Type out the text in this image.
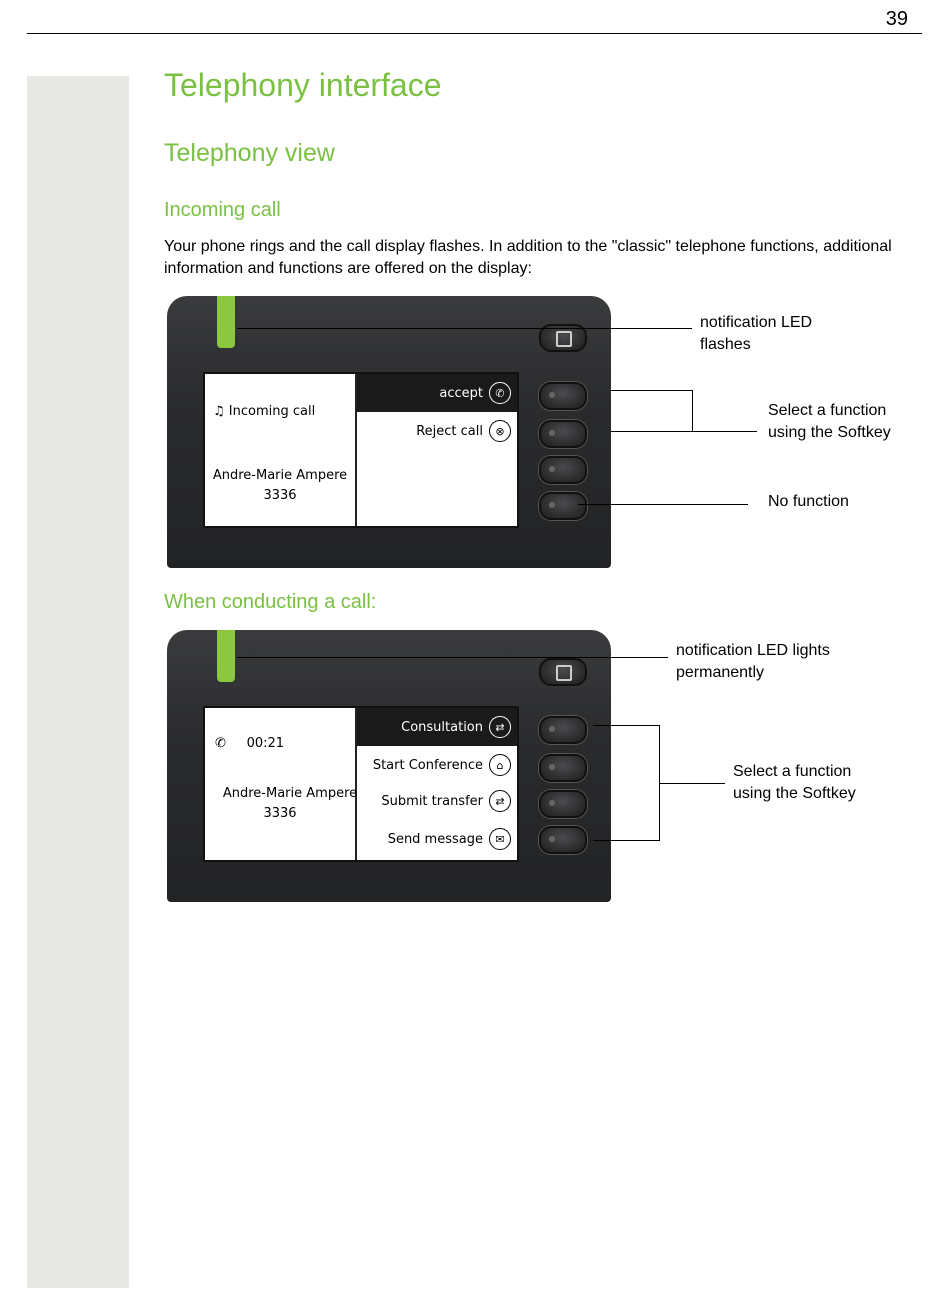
39
Telephony interface
Telephony view
Incoming call
Your phone rings and the call display flashes. In addition to the "classic" telephone functions, additional information and functions are offered on the display:
♫ Incoming call
Andre-Marie Ampere
3336
accept	✆
Reject call	⊗
notification LED flashes
Select a function using the Softkey
No function
When conducting a call:
✆ 00:21
Andre-Marie Ampere
3336
Consultation	⇄
Start Conference	⌂
Submit transfer	⇄
Send message	✉
notification LED lights permanently
Select a function using the Softkey
